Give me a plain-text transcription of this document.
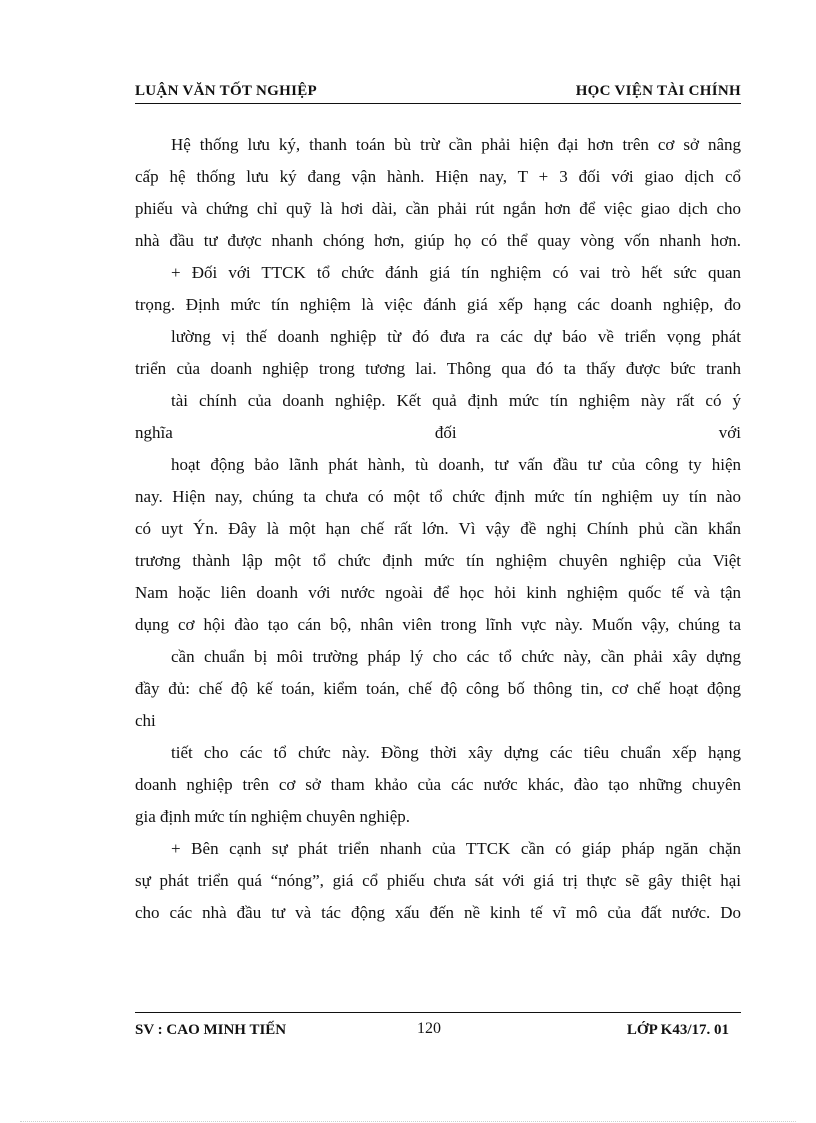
LUẬN VĂN TỐT NGHIỆP	HỌC VIỆN TÀI CHÍNH
Hệ thống lưu ký, thanh toán bù trừ cần phải hiện đại hơn trên cơ sở nâng
cấp hệ thống lưu ký đang vận hành. Hiện nay, T + 3 đối với giao dịch cổ
phiếu và chứng chỉ quỹ là hơi dài, cần phải rút ngắn hơn để việc giao dịch cho
nhà đầu tư được nhanh chóng hơn, giúp họ có thể quay vòng vốn nhanh hơn.
+ Đối với TTCK tổ chức đánh giá tín nghiệm có vai trò hết sức quan
trọng. Định mức tín nghiệm là việc đánh giá xếp hạng các doanh nghiệp, đo
lường vị thế doanh nghiệp từ đó đưa ra các dự báo về triển vọng phát
triển của doanh nghiệp trong tương lai. Thông qua đó ta thấy được bức tranh
tài chính của doanh nghiệp. Kết quả định mức tín nghiệm này rất có ý
nghĩa đối với
hoạt động bảo lãnh phát hành, tù doanh, tư vấn đầu tư của công ty hiện
nay. Hiện nay, chúng ta chưa có một tổ chức định mức tín nghiệm uy tín nào
có uyt Ýn. Đây là một hạn chế rất lớn. Vì vậy đề nghị Chính phủ cần khẩn
trương thành lập một tổ chức định mức tín nghiệm chuyên nghiệp của Việt
Nam hoặc liên doanh với nước ngoài để học hỏi kinh nghiệm quốc tế và tận
dụng cơ hội đào tạo cán bộ, nhân viên trong lĩnh vực này. Muốn vậy, chúng ta
cần chuẩn bị môi trường pháp lý cho các tổ chức này, cần phải xây dựng
đầy đủ: chế độ kế toán, kiểm toán, chế độ công bố thông tin, cơ chế hoạt động
chi
tiết cho các tổ chức này. Đồng thời xây dựng các tiêu chuẩn xếp hạng
doanh nghiệp trên cơ sở tham khảo của các nước khác, đào tạo những chuyên
gia định mức tín nghiệm chuyên nghiệp.
+ Bên cạnh sự phát triển nhanh của TTCK cần có giáp pháp ngăn chặn
sự phát triển quá “nóng”, giá cổ phiếu chưa sát với giá trị thực sẽ gây thiệt hại
cho các nhà đầu tư và tác động xấu đến nề kinh tế vĩ mô của đất nước. Do
SV : CAO MINH TIẾN	120	LỚP K43/17. 01
